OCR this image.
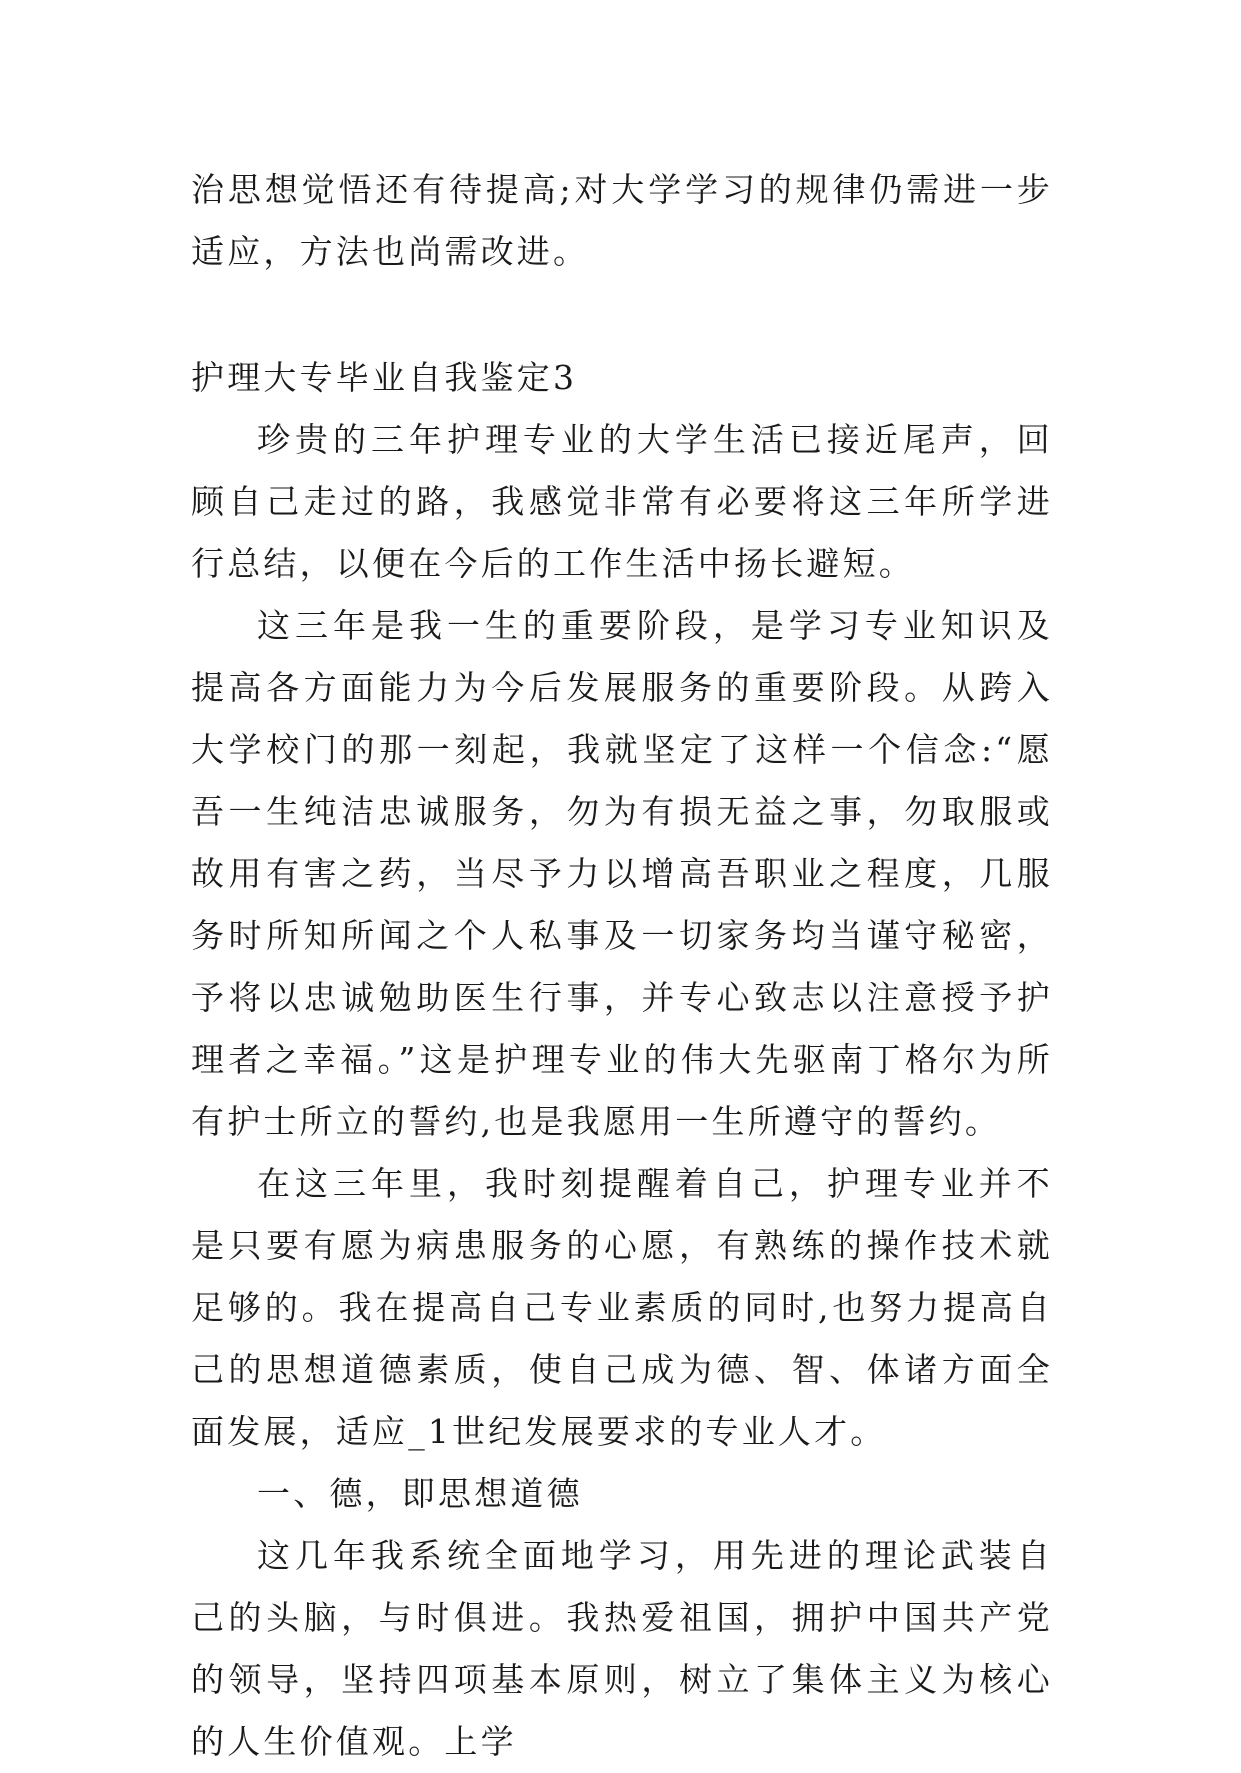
治思想觉悟还有待提高;对大学学习的规律仍需进一步适应，方法也尚需改进。

护理大专毕业自我鉴定3

珍贵的三年护理专业的大学生活已接近尾声，回顾自己走过的路，我感觉非常有必要将这三年所学进行总结，以便在今后的工作生活中扬长避短。

这三年是我一生的重要阶段，是学习专业知识及提高各方面能力为今后发展服务的重要阶段。从跨入大学校门的那一刻起，我就坚定了这样一个信念:“愿吾一生纯洁忠诚服务，勿为有损无益之事，勿取服或故用有害之药，当尽予力以增高吾职业之程度，几服务时所知所闻之个人私事及一切家务均当谨守秘密，予将以忠诚勉助医生行事，并专心致志以注意授予护理者之幸福。”这是护理专业的伟大先驱南丁格尔为所有护士所立的誓约,也是我愿用一生所遵守的誓约。

在这三年里，我时刻提醒着自己，护理专业并不是只要有愿为病患服务的心愿，有熟练的操作技术就足够的。我在提高自己专业素质的同时,也努力提高自己的思想道德素质，使自己成为德、智、体诸方面全面发展，适应_1世纪发展要求的专业人才。

一、德，即思想道德

这几年我系统全面地学习，用先进的理论武装自己的头脑，与时俱进。我热爱祖国，拥护中国共产党的领导，坚持四项基本原则，树立了集体主义为核心的人生价值观。上学
